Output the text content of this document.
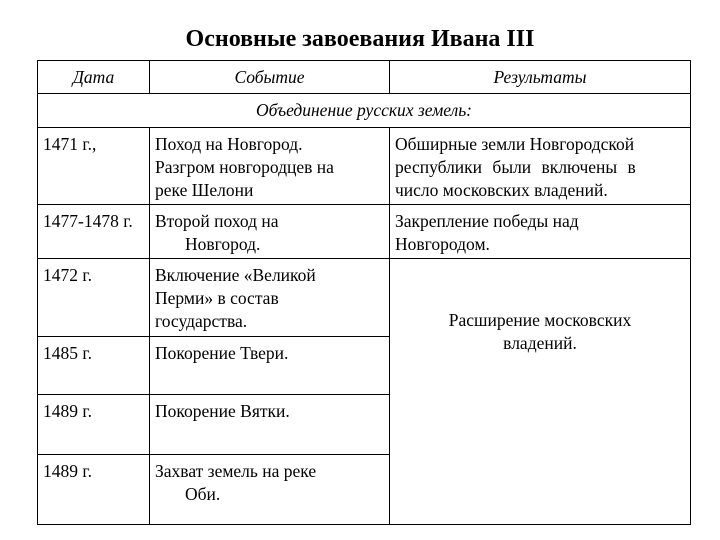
Основные завоевания Ивана III
Дата	Событие	Результаты
Объединение русских земель:		
1471 г.,	Поход на Новгород.
Разгром новгородцев на
реке Шелони	Обширные земли Новгородской
республики были включены в
число московских владений.

1477-1478 г.	Второй поход на
Новгород.	Закрепление победы над
Новгородом.

1472 г.	Включение «Великой
Перми» в состав
государства.	Расширение московских
владений.

1485 г.	Покорение Твери.	

1489 г.	Покорение Вятки.	

1489 г.	Захват земель на реке
Оби.	
